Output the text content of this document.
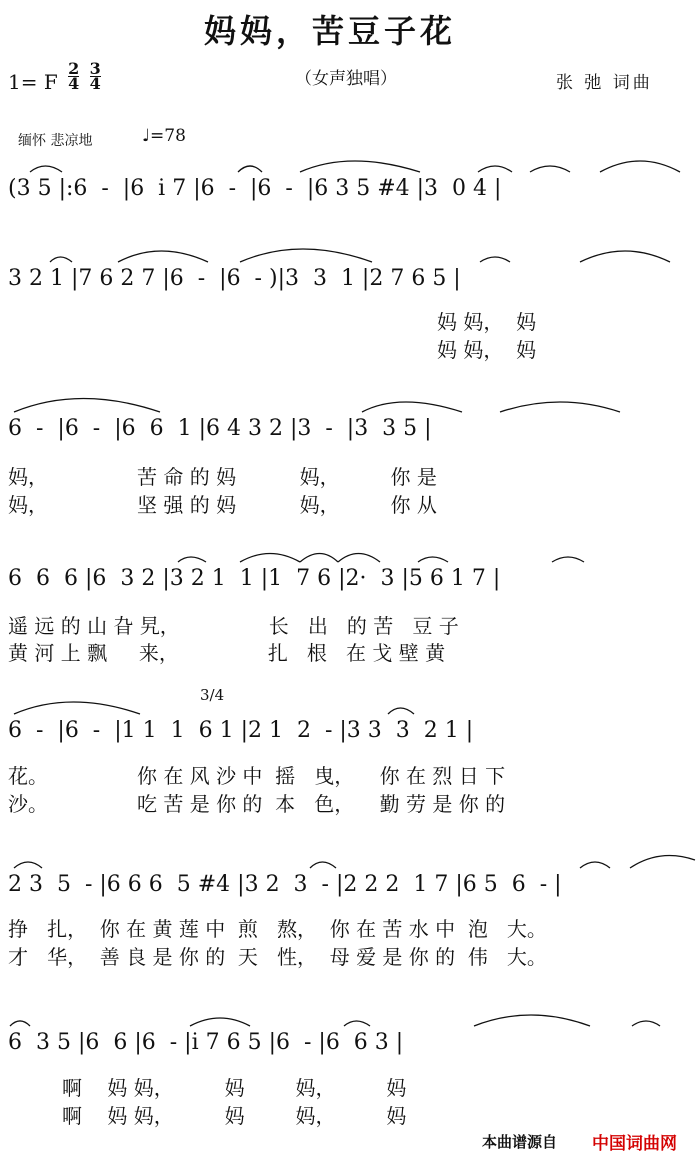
妈妈，苦豆子花
1= F $\frac{2}{4}$
$\frac{3}{4}$	（女声独唱）	张 弛 词曲
缅怀 悲凉地	♩=78
(3 5 |:6  -  |6  i 7 |6  -  |6  -  |6 3 5 #4 |3  0 4 |
3 2 1 |7 6 2 7 |6  -  |6  - )|3  3  1 |2 7 6 5 |
妈 妈，  妈
妈 妈，  妈
6  -  |6  -  |6  6  1 |6 4 3 2 |3  -  |3  3 5 |
妈，              苦 命 的 妈          妈，        你 是
妈，              坚 强 的 妈          妈，        你 从
6  6  6 |6  3 2 |3 2 1  1 |1  7 6 |2·  3 |5 6 1 7 |
遥 远 的 山 旮 旯，              长   出   的 苦   豆 子
黄 河 上 飘     来，              扎   根   在 戈 壁 黄
3/4
6  -  |6  -  |1 1  1  6 1 |2 1  2  - |3 3  3  2 1 |
花。              你 在 风 沙 中  摇   曳，    你 在 烈 日 下
沙。              吃 苦 是 你 的  本   色，    勤 劳 是 你 的
2 3  5  - |6 6 6  5 #4 |3 2  3  - |2 2 2  1 7 |6 5  6  - |
挣   扎，  你 在 黄 莲 中  煎   熬，  你 在 苦 水 中  泡   大。
才   华，  善 良 是 你 的  天   性，  母 爱 是 你 的  伟   大。
6  3 5 |6  6 |6  - |i 7 6 5 |6  - |6  6 3 |
啊    妈 妈，        妈        妈，        妈
啊    妈 妈，        妈        妈，        妈
本曲谱源自 中国词曲网
